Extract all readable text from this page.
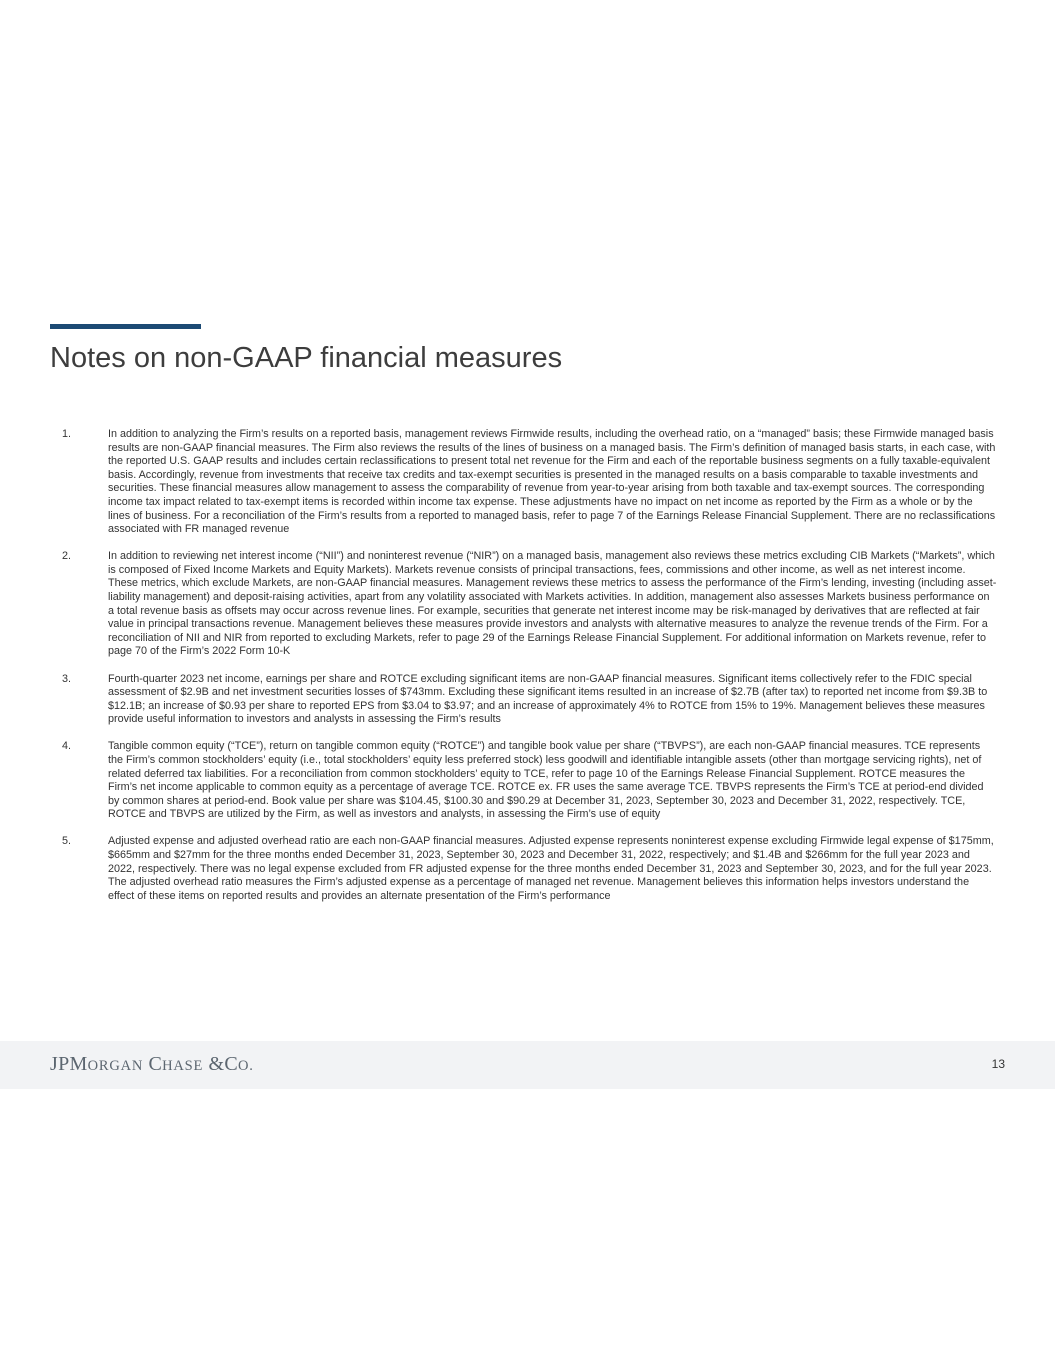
Notes on non-GAAP financial measures
1.	In addition to analyzing the Firm’s results on a reported basis, management reviews Firmwide results, including the overhead ratio, on a “managed” basis; these Firmwide managed basis results are non-GAAP financial measures. The Firm also reviews the results of the lines of business on a managed basis. The Firm’s definition of managed basis starts, in each case, with the reported U.S. GAAP results and includes certain reclassifications to present total net revenue for the Firm and each of the reportable business segments on a fully taxable-equivalent basis. Accordingly, revenue from investments that receive tax credits and tax-exempt securities is presented in the managed results on a basis comparable to taxable investments and securities. These financial measures allow management to assess the comparability of revenue from year-to-year arising from both taxable and tax-exempt sources. The corresponding income tax impact related to tax-exempt items is recorded within income tax expense. These adjustments have no impact on net income as reported by the Firm as a whole or by the lines of business. For a reconciliation of the Firm’s results from a reported to managed basis, refer to page 7 of the Earnings Release Financial Supplement. There are no reclassifications associated with FR managed revenue
2.	In addition to reviewing net interest income (“NII”) and noninterest revenue (“NIR”) on a managed basis, management also reviews these metrics excluding CIB Markets (“Markets”, which is composed of Fixed Income Markets and Equity Markets). Markets revenue consists of principal transactions, fees, commissions and other income, as well as net interest income. These metrics, which exclude Markets, are non-GAAP financial measures. Management reviews these metrics to assess the performance of the Firm’s lending, investing (including asset-liability management) and deposit-raising activities, apart from any volatility associated with Markets activities. In addition, management also assesses Markets business performance on a total revenue basis as offsets may occur across revenue lines. For example, securities that generate net interest income may be risk-managed by derivatives that are reflected at fair value in principal transactions revenue. Management believes these measures provide investors and analysts with alternative measures to analyze the revenue trends of the Firm. For a reconciliation of NII and NIR from reported to excluding Markets, refer to page 29 of the Earnings Release Financial Supplement. For additional information on Markets revenue, refer to page 70 of the Firm’s 2022 Form 10-K
3.	Fourth-quarter 2023 net income, earnings per share and ROTCE excluding significant items are non-GAAP financial measures. Significant items collectively refer to the FDIC special assessment of $2.9B and net investment securities losses of $743mm. Excluding these significant items resulted in an increase of $2.7B (after tax) to reported net income from $9.3B to $12.1B; an increase of $0.93 per share to reported EPS from $3.04 to $3.97; and an increase of approximately 4% to ROTCE from 15% to 19%. Management believes these measures provide useful information to investors and analysts in assessing the Firm’s results
4.	Tangible common equity (“TCE”), return on tangible common equity (“ROTCE”) and tangible book value per share (“TBVPS”), are each non-GAAP financial measures. TCE represents the Firm’s common stockholders’ equity (i.e., total stockholders’ equity less preferred stock) less goodwill and identifiable intangible assets (other than mortgage servicing rights), net of related deferred tax liabilities. For a reconciliation from common stockholders’ equity to TCE, refer to page 10 of the Earnings Release Financial Supplement. ROTCE measures the Firm’s net income applicable to common equity as a percentage of average TCE. ROTCE ex. FR uses the same average TCE. TBVPS represents the Firm’s TCE at period-end divided by common shares at period-end. Book value per share was $104.45, $100.30 and $90.29 at December 31, 2023, September 30, 2023 and December 31, 2022, respectively. TCE, ROTCE and TBVPS are utilized by the Firm, as well as investors and analysts, in assessing the Firm’s use of equity
5.	Adjusted expense and adjusted overhead ratio are each non-GAAP financial measures. Adjusted expense represents noninterest expense excluding Firmwide legal expense of $175mm, $665mm and $27mm for the three months ended December 31, 2023, September 30, 2023 and December 31, 2022, respectively; and $1.4B and $266mm for the full year 2023 and 2022, respectively. There was no legal expense excluded from FR adjusted expense for the three months ended December 31, 2023 and September 30, 2023, and for the full year 2023. The adjusted overhead ratio measures the Firm’s adjusted expense as a percentage of managed net revenue. Management believes this information helps investors understand the effect of these items on reported results and provides an alternate presentation of the Firm’s performance
JPMORGAN CHASE &CO.	13
